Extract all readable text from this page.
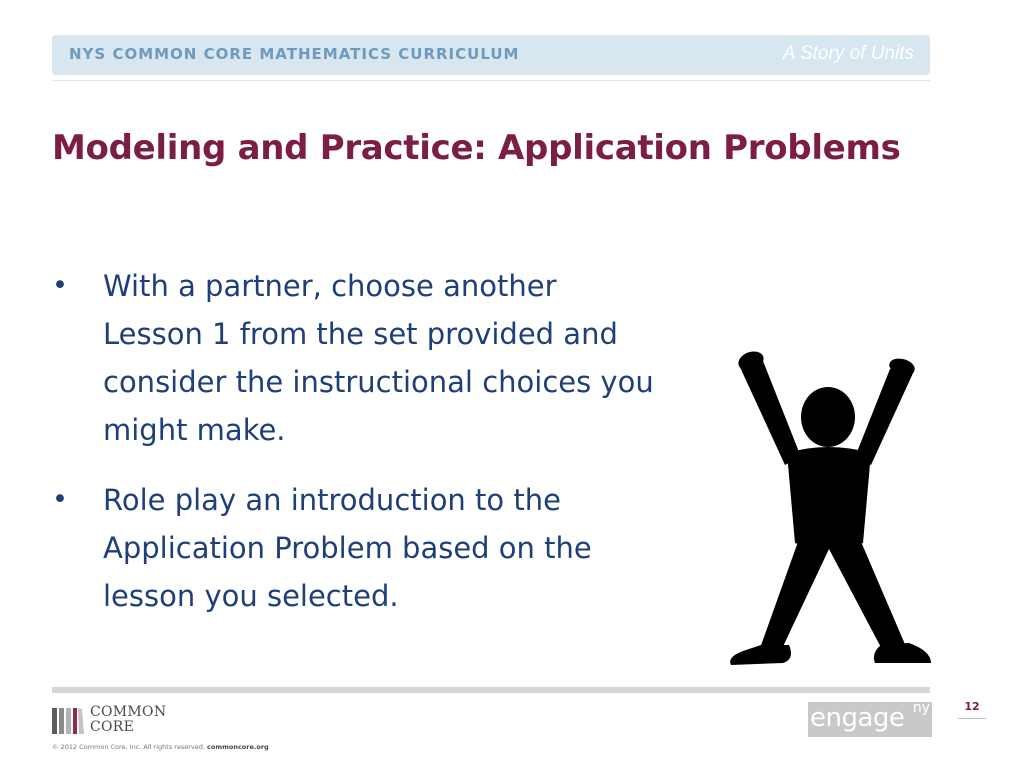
NYS COMMON CORE MATHEMATICS CURRICULUM	A Story of Units
Modeling and Practice: Application Problems
• With a partner, choose another Lesson 1 from the set provided and consider the instructional choices you might make.
• Role play an introduction to the Application Problem based on the lesson you selected.
COMMON
CORE
© 2012 Common Core, Inc. All rights reserved. commoncore.org
engage ny	12
